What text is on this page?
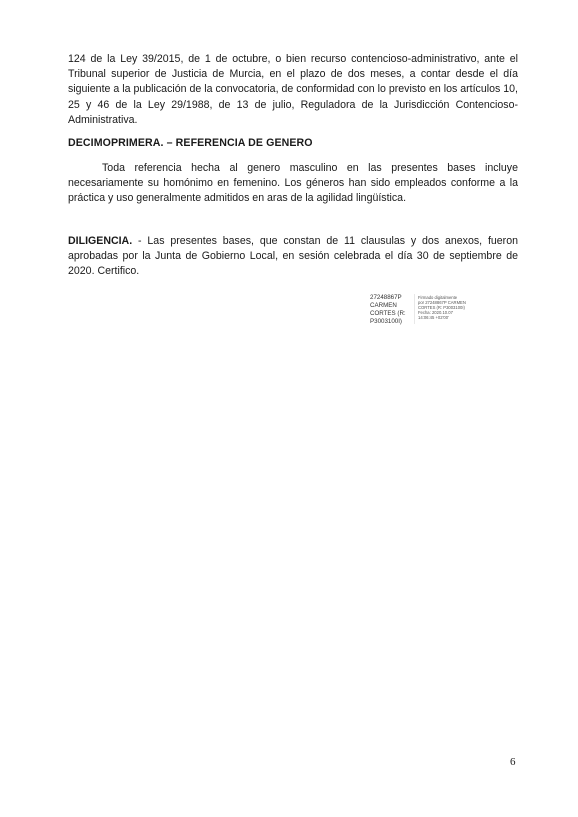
124 de la Ley 39/2015, de 1 de octubre, o bien recurso contencioso-administrativo, ante el Tribunal superior de Justicia de Murcia, en el plazo de dos meses, a contar desde el día siguiente a la publicación de la convocatoria, de conformidad con lo previsto en los artículos 10, 25 y 46 de la Ley 29/1988, de 13 de julio, Reguladora de la Jurisdicción Contencioso-Administrativa.

DECIMOPRIMERA. – REFERENCIA DE GENERO

Toda referencia hecha al genero masculino en las presentes bases incluye necesariamente su homónimo en femenino. Los géneros han sido empleados conforme a la práctica y uso generalmente admitidos en aras de la agilidad lingüística.

DILIGENCIA. - Las presentes bases, que constan de 11 clausulas y dos anexos, fueron aprobadas por la Junta de Gobierno Local, en sesión celebrada el día 30 de septiembre de 2020. Certifico.

27248867P
CARMEN
CORTES (R:
P3003100I)
Firmado digitalmente
por 27248867P CARMEN
CORTES (R: P3003100I)
Fecha: 2020.10.07
14:06:45 +02'00'
6
